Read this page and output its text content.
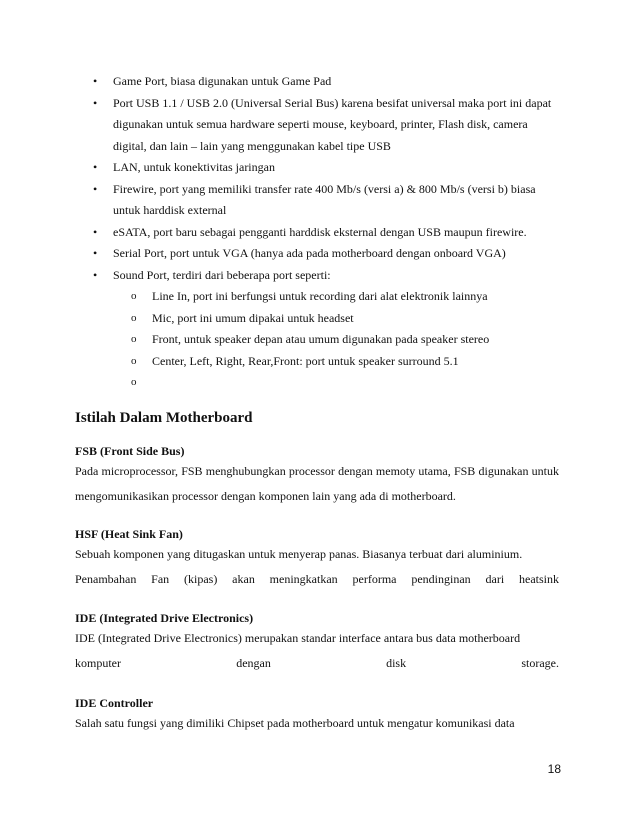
• Game Port, biasa digunakan untuk Game Pad
• Port USB 1.1 / USB 2.0 (Universal Serial Bus) karena besifat universal maka port ini dapat digunakan untuk semua hardware seperti mouse, keyboard, printer, Flash disk, camera digital, dan lain – lain yang menggunakan kabel tipe USB
• LAN, untuk konektivitas jaringan
• Firewire, port yang memiliki transfer rate 400 Mb/s (versi a) & 800 Mb/s (versi b) biasa untuk harddisk external
• eSATA, port baru sebagai pengganti harddisk eksternal dengan USB maupun firewire.
• Serial Port, port untuk VGA (hanya ada pada motherboard dengan onboard VGA)
• Sound Port, terdiri dari beberapa port seperti:
o Line In, port ini berfungsi untuk recording dari alat elektronik lainnya
o Mic, port ini umum dipakai untuk headset
o Front, untuk speaker depan atau umum digunakan pada speaker stereo
o Center, Left, Right, Rear,Front: port untuk speaker surround 5.1
o
Istilah Dalam Motherboard
FSB (Front Side Bus)
Pada microprocessor, FSB menghubungkan processor dengan memoty utama, FSB digunakan untuk mengomunikasikan processor dengan komponen lain yang ada di motherboard.
HSF (Heat Sink Fan)
Sebuah komponen yang ditugaskan untuk menyerap panas. Biasanya terbuat dari aluminium.
Penambahan Fan (kipas) akan meningkatkan performa pendinginan dari heatsink
IDE (Integrated Drive Electronics)
IDE (Integrated Drive Electronics) merupakan standar interface antara bus data motherboard
komputer	dengan	disk	storage.
IDE Controller
Salah satu fungsi yang dimiliki Chipset pada motherboard untuk mengatur komunikasi data
18
